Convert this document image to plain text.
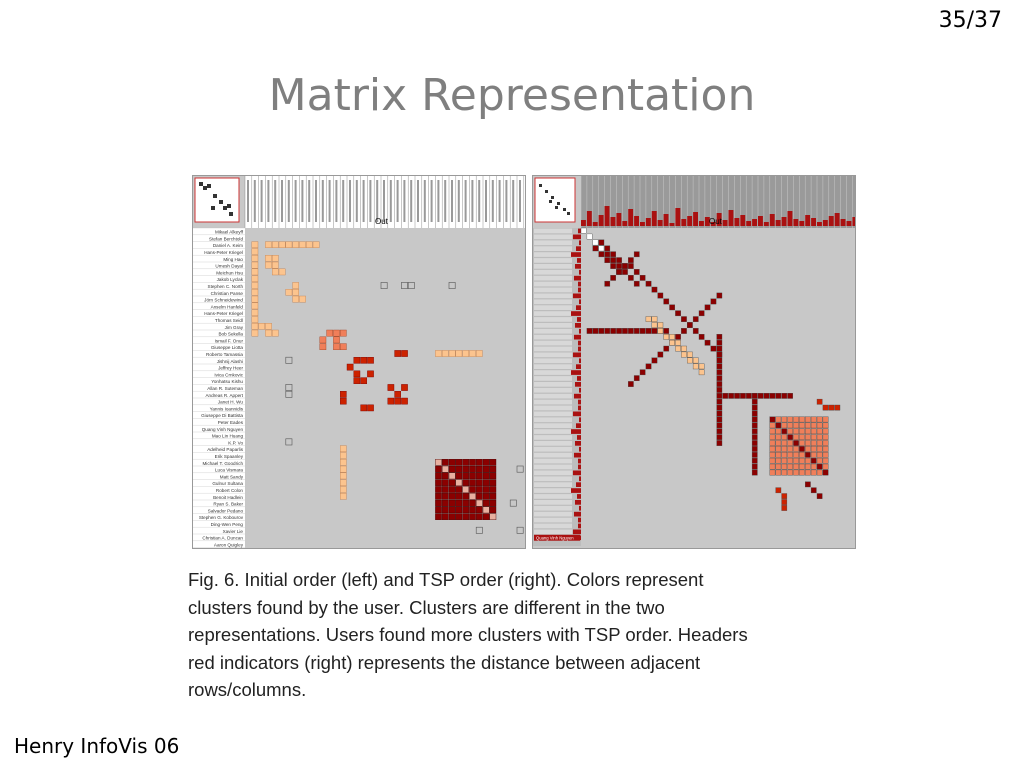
35/37
Matrix Representation
Mikael Alkeyff
Stefan Berchtold
Daniel A. Keim
Hans-Peter Kriegel
Ming Hao
Umesh Dayal
Meichun Hsu
Jakob Lyclak
Stephen C. North
Christian Panse
Jörn Schneidewind
Anselm Hanfeld
Hans-Peter Kriegel
Thomas Seidl
Jim Gray
Bob Sekella
Ismail F. Onur
Giuseppe Liotta
Roberto Tamassia
Jishnij Alashi
Jeffrey Heer
Ivica Crnkovic
Yonhatsu Kishu
Allan R. Suteman
Andreas R. Appert
Janet H. Wu
Yannis Ioannidis
Giuseppe Di Battista
Peter Eades
Quang Vinh Nguyen
Mao Lin Huang
K.P. Vo
Adelheid Paparlis
Erik Spaanley
Michael T. Goodrich
Luca Vismara
Matt Sandy
Gulnur Sultana
Robert Colon
Benoit Hadlein
Ryan S. Baker
Salvador Pedano
Stephen G. Kobourov
Ding-Wen Peng
Xavier Lie
Christian A. Duncan
Aaron Quigley
Out	Out
Quang Vinh Nguyen
Fig. 6. Initial order (left) and TSP order (right). Colors represent
clusters found by the user. Clusters are different in the two
representations. Users found more clusters with TSP order. Headers
red indicators (right) represents the distance between adjacent
rows/columns.
Henry InfoVis 06
